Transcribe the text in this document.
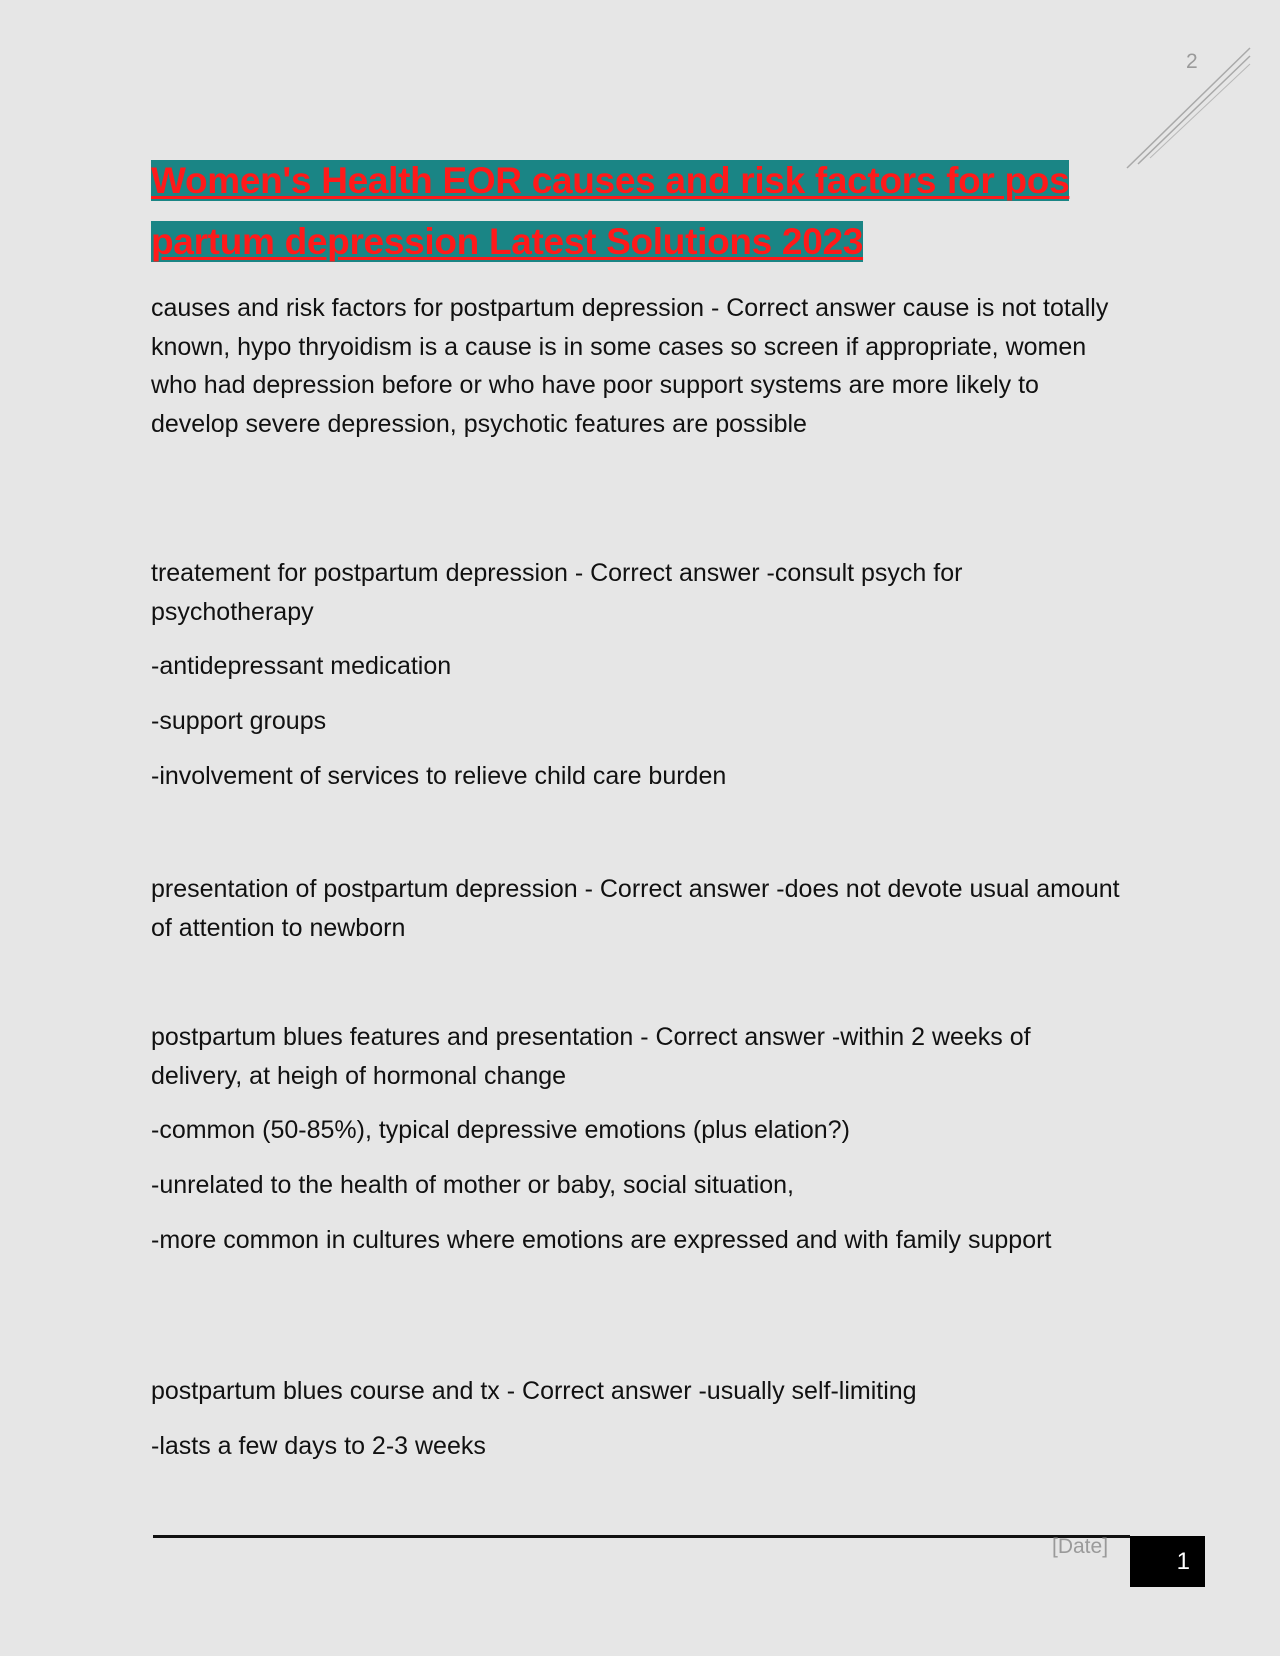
2
Women's Health EOR causes and risk factors for pos
partum depression Latest Solutions 2023

causes and risk factors for postpartum depression - Correct answer cause is not totally known, hypo thryoidism is a cause is in some cases so screen if appropriate, women who had depression before or who have poor support systems are more likely to develop severe depression, psychotic features are possible

treatement for postpartum depression - Correct answer -consult psych for psychotherapy

-antidepressant medication

-support groups

-involvement of services to relieve child care burden

presentation of postpartum depression - Correct answer -does not devote usual amount of attention to newborn

postpartum blues features and presentation - Correct answer -within 2 weeks of delivery, at heigh of hormonal change

-common (50-85%), typical depressive emotions (plus elation?)

-unrelated to the health of mother or baby, social situation,

-more common in cultures where emotions are expressed and with family support

postpartum blues course and tx - Correct answer -usually self-limiting

-lasts a few days to 2-3 weeks

[Date]
1
